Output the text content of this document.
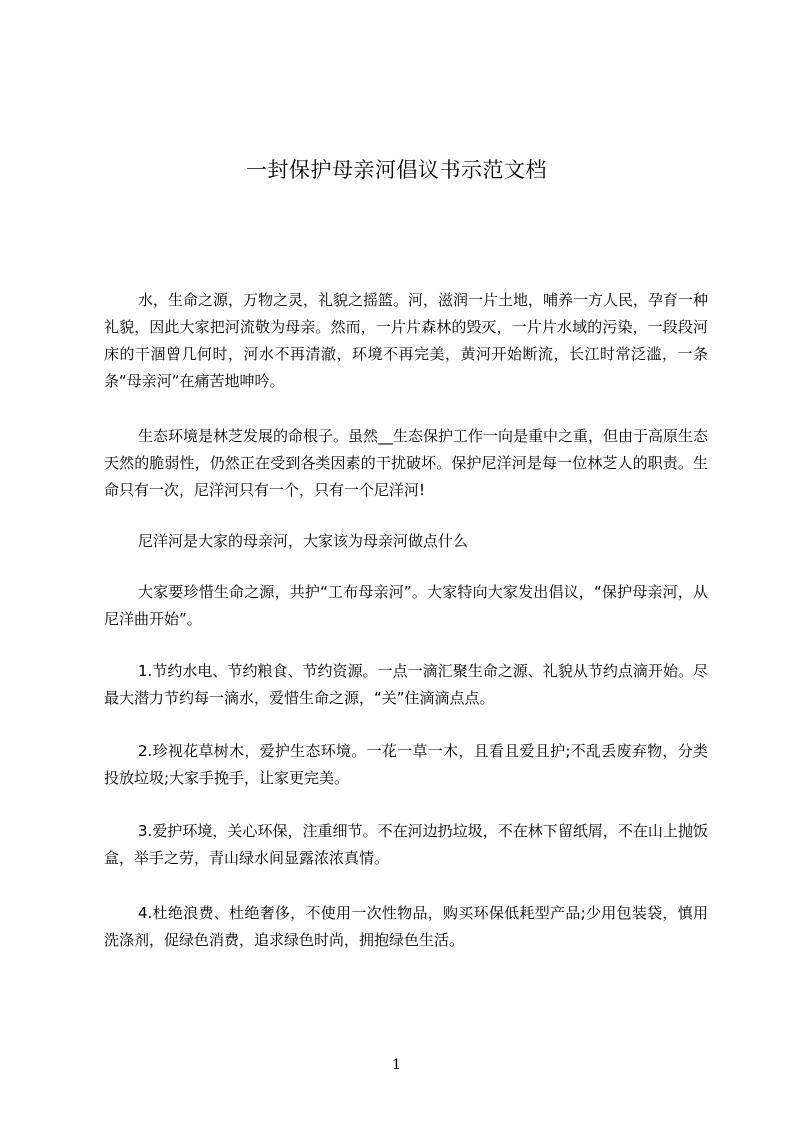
一封保护母亲河倡议书示范文档

水，生命之源，万物之灵，礼貌之摇篮。河，滋润一片土地，哺养一方人民，孕育一种礼貌，因此大家把河流敬为母亲。然而，一片片森林的毁灭，一片片水域的污染，一段段河床的干涸曾几何时，河水不再清澈，环境不再完美，黄河开始断流，长江时常泛滥，一条条“母亲河”在痛苦地呻吟。

生态环境是林芝发展的命根子。虽然__生态保护工作一向是重中之重，但由于高原生态天然的脆弱性，仍然正在受到各类因素的干扰破坏。保护尼洋河是每一位林芝人的职责。生命只有一次，尼洋河只有一个，只有一个尼洋河!

尼洋河是大家的母亲河，大家该为母亲河做点什么

大家要珍惜生命之源，共护“工布母亲河”。大家特向大家发出倡议，“保护母亲河，从尼洋曲开始”。

1.节约水电、节约粮食、节约资源。一点一滴汇聚生命之源、礼貌从节约点滴开始。尽最大潜力节约每一滴水，爱惜生命之源，“关”住滴滴点点。

2.珍视花草树木，爱护生态环境。一花一草一木，且看且爱且护;不乱丢废弃物，分类投放垃圾;大家手挽手，让家更完美。

3.爱护环境，关心环保，注重细节。不在河边扔垃圾，不在林下留纸屑，不在山上抛饭盒，举手之劳，青山绿水间显露浓浓真情。

4.杜绝浪费、杜绝奢侈，不使用一次性物品，购买环保低耗型产品;少用包装袋，慎用洗涤剂，促绿色消费，追求绿色时尚，拥抱绿色生活。

1
